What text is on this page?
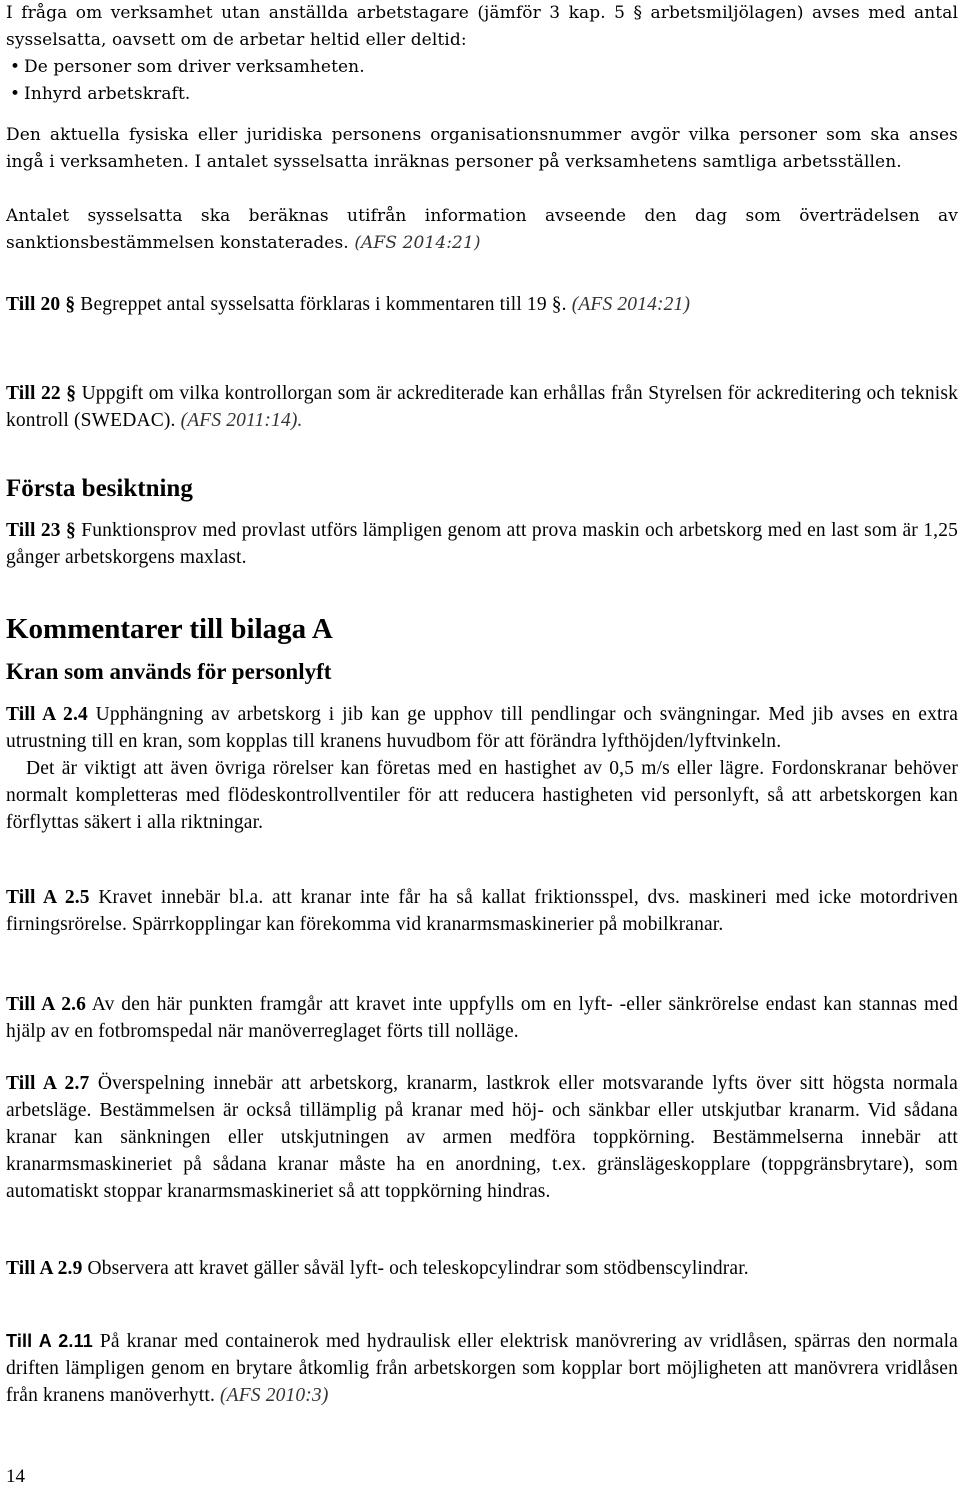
I fråga om verksamhet utan anställda arbetstagare (jämför 3 kap. 5 § arbetsmiljölagen) avses med antal sysselsatta, oavsett om de arbetar heltid eller deltid:

• De personer som driver verksamheten.
• Inhyrd arbetskraft.

Den aktuella fysiska eller juridiska personens organisationsnummer avgör vilka personer som ska anses ingå i verksamheten. I antalet sysselsatta inräknas personer på verksamhetens samtliga arbetsställen.

Antalet sysselsatta ska beräknas utifrån information avseende den dag som överträdelsen av sanktionsbestämmelsen konstaterades. (AFS 2014:21)

Till 20 § Begreppet antal sysselsatta förklaras i kommentaren till 19 §. (AFS 2014:21)

Till 22 § Uppgift om vilka kontrollorgan som är ackrediterade kan erhållas från Styrelsen för ackreditering och teknisk kontroll (SWEDAC). (AFS 2011:14).

Första besiktning

Till 23 § Funktionsprov med provlast utförs lämpligen genom att prova maskin och arbetskorg med en last som är 1,25 gånger arbetskorgens maxlast.

Kommentarer till bilaga A
Kran som används för personlyft

Till A 2.4 Upphängning av arbetskorg i jib kan ge upphov till pendlingar och svängningar. Med jib avses en extra utrustning till en kran, som kopplas till kranens huvudbom för att förändra lyfthöjden/lyftvinkeln.

Det är viktigt att även övriga rörelser kan företas med en hastighet av 0,5 m/s eller lägre. Fordonskranar behöver normalt kompletteras med flödeskontrollventiler för att reducera hastigheten vid personlyft, så att arbetskorgen kan förflyttas säkert i alla riktningar.

Till A 2.5 Kravet innebär bl.a. att kranar inte får ha så kallat friktionsspel, dvs. maskineri med icke motordriven firningsrörelse. Spärrkopplingar kan förekomma vid kranarmsmaskinerier på mobilkranar.

Till A 2.6 Av den här punkten framgår att kravet inte uppfylls om en lyft- -eller sänkrörelse endast kan stannas med hjälp av en fotbromspedal när manöverreglaget förts till nolläge.

Till A 2.7 Överspelning innebär att arbetskorg, kranarm, lastkrok eller motsvarande lyfts över sitt högsta normala arbetsläge. Bestämmelsen är också tillämplig på kranar med höj- och sänkbar eller utskjutbar kranarm. Vid sådana kranar kan sänkningen eller utskjutningen av armen medföra toppkörning. Bestämmelserna innebär att kranarmsmaskineriet på sådana kranar måste ha en anordning, t.ex. gränslägeskopplare (toppgränsbrytare), som automatiskt stoppar kranarmsmaskineriet så att toppkörning hindras.

Till A 2.9 Observera att kravet gäller såväl lyft- och teleskopcylindrar som stödbenscylindrar.

Till A 2.11 På kranar med containerok med hydraulisk eller elektrisk manövrering av vridlåsen, spärras den normala driften lämpligen genom en brytare åtkomlig från arbetskorgen som kopplar bort möjligheten att manövrera vridlåsen från kranens manöverhytt. (AFS 2010:3)

14
